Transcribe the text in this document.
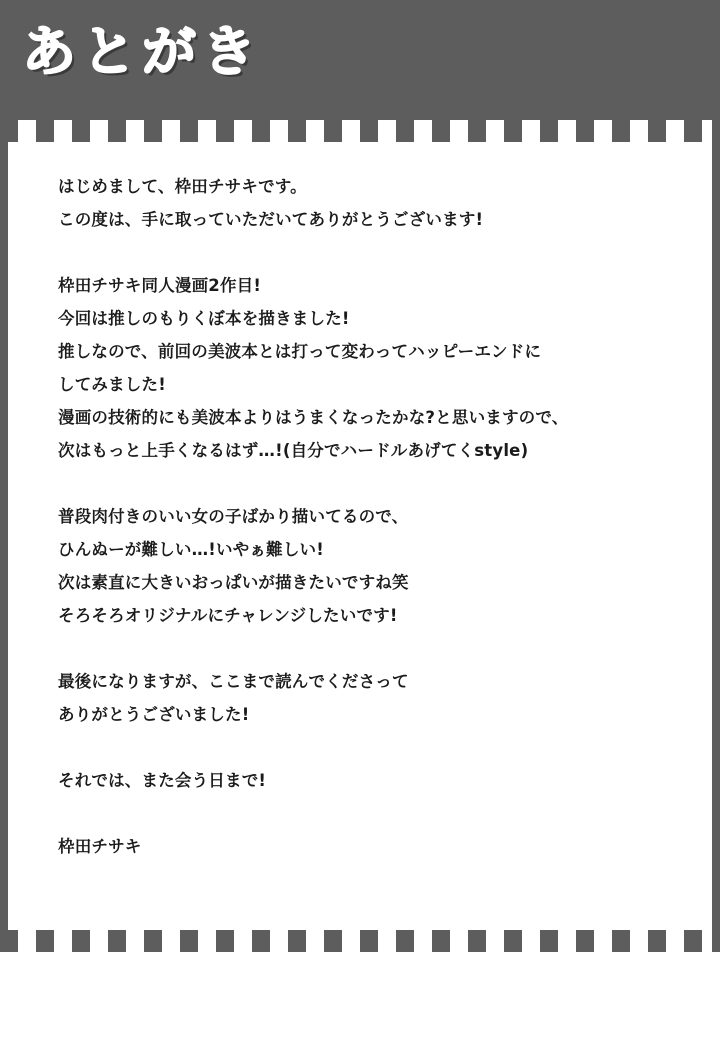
あとがき
はじめまして、枠田チサキです。
この度は、手に取っていただいてありがとうございます!
枠田チサキ同人漫画2作目!
今回は推しのもりくぼ本を描きました!
推しなので、前回の美波本とは打って変わってハッピーエンドに
してみました!
漫画の技術的にも美波本よりはうまくなったかな?と思いますので、
次はもっと上手くなるはず…!(自分でハードルあげてくstyle)
普段肉付きのいい女の子ばかり描いてるので、
ひんぬーが難しい…!いやぁ難しい!
次は素直に大きいおっぱいが描きたいですね笑
そろそろオリジナルにチャレンジしたいです!
最後になりますが、ここまで読んでくださって
ありがとうございました!
それでは、また会う日まで!
枠田チサキ
